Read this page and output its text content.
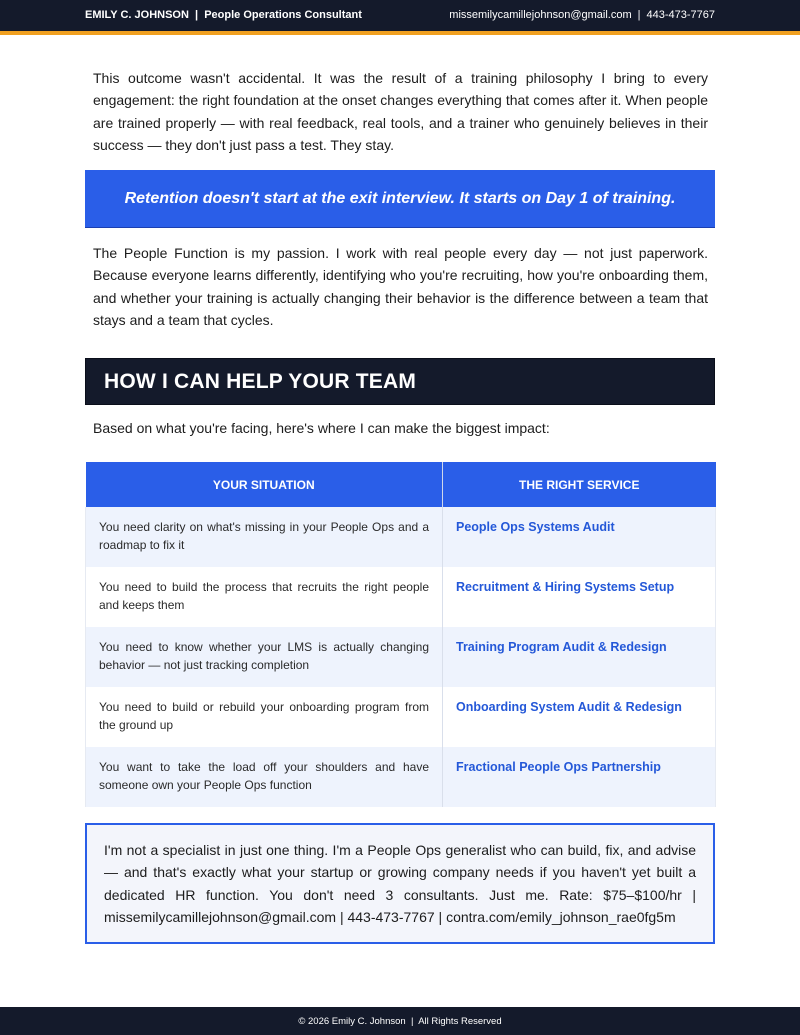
EMILY C. JOHNSON  |  People Operations Consultant	missemilycamillejohnson@gmail.com | 443-473-7767

This outcome wasn't accidental. It was the result of a training philosophy I bring to every engagement: the right foundation at the onset changes everything that comes after it. When people are trained properly — with real feedback, real tools, and a trainer who genuinely believes in their success — they don't just pass a test. They stay.

Retention doesn't start at the exit interview. It starts on Day 1 of training.

The People Function is my passion. I work with real people every day — not just paperwork. Because everyone learns differently, identifying who you're recruiting, how you're onboarding them, and whether your training is actually changing their behavior is the difference between a team that stays and a team that cycles.

HOW I CAN HELP YOUR TEAM

Based on what you're facing, here's where I can make the biggest impact:

YOUR SITUATION	THE RIGHT SERVICE
You need clarity on what's missing in your People Ops and a roadmap to fix it	People Ops Systems Audit
You need to build the process that recruits the right people and keeps them	Recruitment & Hiring Systems Setup
You need to know whether your LMS is actually changing behavior — not just tracking completion	Training Program Audit & Redesign
You need to build or rebuild your onboarding program from the ground up	Onboarding System Audit & Redesign
You want to take the load off your shoulders and have someone own your People Ops function	Fractional People Ops Partnership
I'm not a specialist in just one thing. I'm a People Ops generalist who can build, fix, and advise — and that's exactly what your startup or growing company needs if you haven't yet built a dedicated HR function. You don't need 3 consultants. Just me. Rate: $75–$100/hr | missemilycamillejohnson@gmail.com | 443-473-7767 | contra.com/emily_johnson_rae0fg5m
© 2026 Emily C. Johnson  |  All Rights Reserved
